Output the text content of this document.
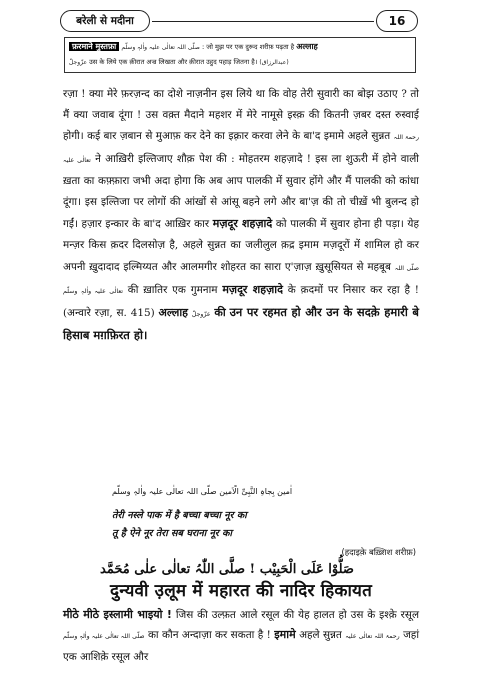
बरेली से मदीना	16
फ़रमाने मुस्तफ़ा صلّی اللہ تعالٰی علیہ واٰلہٖ وسلّم : जो मुझ पर एक दुरूद शरीफ़ पढ़ता है अल्लाह
عزّوجلّ उस के लिये एक क़ीरात अज्र लिखता और क़ीरात उहुद पहाड़ जितना है। (عبدالرزاق)

रज़ा ! क्या मेरे फ़रज़न्द का दोशे नाज़नीन इस लिये था कि वोह तेरी सुवारी का बोझ उठाए ? तो मैं क्या जवाब दूंगा ! उस वक़्त मैदाने महशर में मेरे नामूसे इस्क़ की कितनी ज़बर दस्त रुस्वाई होगी। कई बार ज़बान से मुआफ़ कर देने का इक़्रार करवा लेने के बा'द इमामे अहले सुन्नत رحمۃ اللہ تعالٰی علیہ ने आख़िरी इल्तिजाए शौक़ पेश की : मोहतरम शहज़ादे ! इस ला शुऊरी में होने वाली ख़ता का कफ़्फ़ारा जभी अदा होगा कि अब आप पालकी में सुवार होंगे और मैं पालकी को कांधा दूंगा। इस इल्तिजा पर लोगों की आंखों से आंसू बहने लगे और बा'ज़ की तो चीख़ें भी बुलन्द हो गईं। हज़ार इन्कार के बा'द आख़िर कार मज़दूर शहज़ादे को पालकी में सुवार होना ही पड़ा। येह मन्ज़र किस क़दर दिलसोज़ है, अहले सुन्नत का जलीलुल क़द्र इमाम मज़दूरों में शामिल हो कर अपनी ख़ुदादाद इल्मिय्यत और आलमगीर शोहरत का सारा ए'ज़ाज़ ख़ुसूसियत से महबूब صلّی اللہ تعالٰی علیہ واٰلہٖ وسلّم की ख़ातिर एक गुमनाम मज़दूर शहज़ादे के क़दमों पर निसार कर रहा है ! (अन्वारे रज़ा, स. 415) अल्लाह عزّوجلّ की उन पर रहमत हो और उन के सदक़े हमारी बे हिसाब मग़फ़िरत हो।

اٰمین بِجاہِ النَّبِیِّ الْاَمین صلّی اللہ تعالٰی علیہ واٰلہٖ وسلّم
तेरी नस्ले पाक में है बच्चा बच्चा नूर का
तू है ऐने नूर तेरा सब घराना नूर का
(हदाइक़े बख़्शिश शरीफ़)
صَلُّوْا عَلَی الْحَبِیْب ! صلَّی اللّٰہُ تعالٰی علٰی مُحَمَّد
दुन्यवी उ़लूम में महारत की नादिर हिकायत

मीठे मीठे इस्लामी भाइयो ! जिस की उल्फ़त आले रसूल की येह हालत हो उस के इश्क़े रसूल صلّی اللہ تعالٰی علیہ واٰلہٖ وسلّم का कौन अन्दाज़ा कर सकता है ! इमामे अहले सुन्नत رحمۃ اللہ تعالٰی علیہ जहां एक आशिक़े रसूल और
